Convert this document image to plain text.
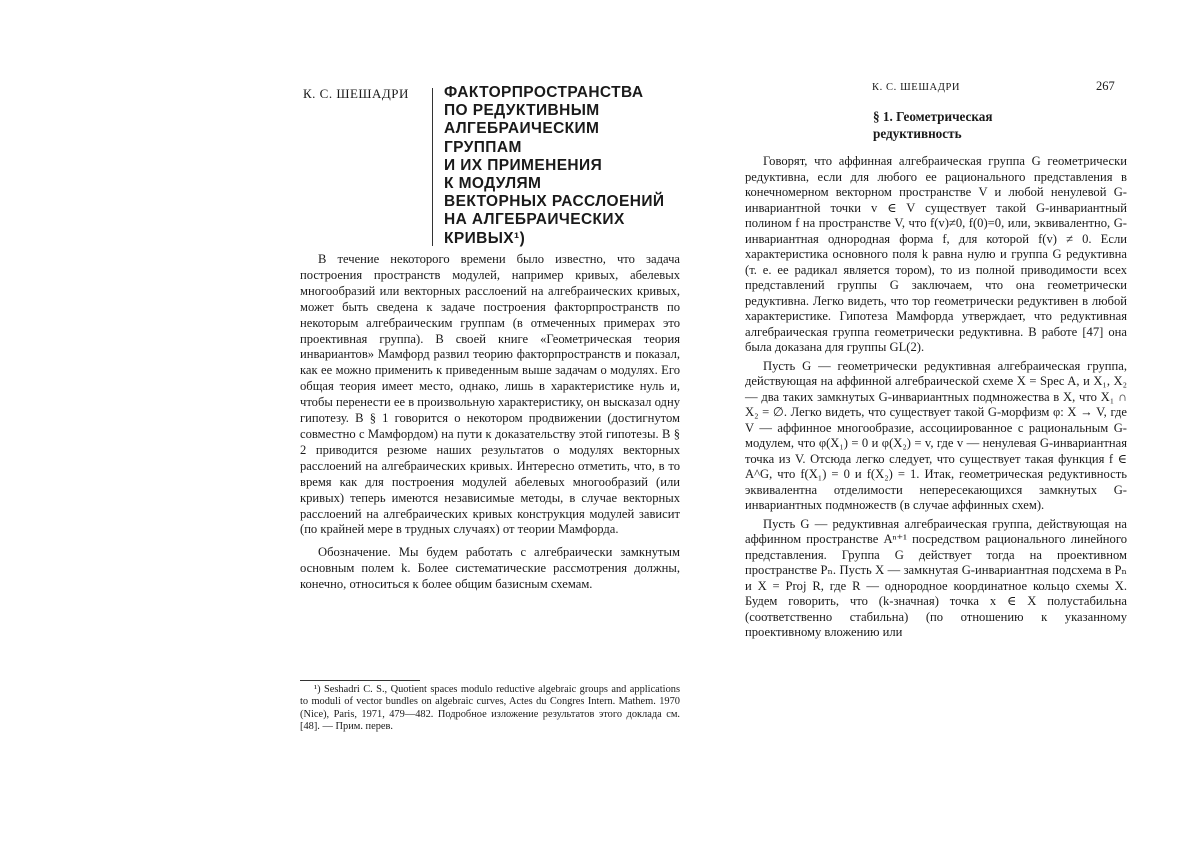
К. С. ШЕШАДРИ ФАКТОРПРОСТРАНСТВА
ПО РЕДУКТИВНЫМ
АЛГЕБРАИЧЕСКИМ
ГРУППАМ
И ИХ ПРИМЕНЕНИЯ
К МОДУЛЯМ
ВЕКТОРНЫХ РАССЛОЕНИЙ
НА АЛГЕБРАИЧЕСКИХ
КРИВЫХ¹)

В течение некоторого времени было известно, что задача построения пространств модулей, например кривых, абелевых многообразий или векторных расслоений на алгебраических кривых, может быть сведена к задаче построения факторпространств по некоторым алгебраическим группам (в отмеченных примерах это проективная группа). В своей книге «Геометрическая теория инвариантов» Мамфорд развил теорию факторпространств и показал, как ее можно применить к приведенным выше задачам о модулях. Его общая теория имеет место, однако, лишь в характеристике нуль и, чтобы перенести ее в произвольную характеристику, он высказал одну гипотезу. В § 1 говорится о некотором продвижении (достигнутом совместно с Мамфордом) на пути к доказательству этой гипотезы. В § 2 приводится резюме наших результатов о модулях векторных расслоений на алгебраических кривых. Интересно отметить, что, в то время как для построения модулей абелевых многообразий (или кривых) теперь имеются независимые методы, в случае векторных расслоений на алгебраических кривых конструкция модулей зависит (по крайней мере в трудных случаях) от теории Мамфорда.

Обозначение. Мы будем работать с алгебраически замкнутым основным полем k. Более систематические рассмотрения должны, конечно, относиться к более общим базисным схемам.

¹) Seshadri C. S., Quotient spaces modulo reductive algebraic groups and applications to moduli of vector bundles on algebraic curves, Actes du Congres Intern. Mathem. 1970 (Nice), Paris, 1971, 479—482. Подробное изложение результатов этого доклада см. [48]. — Прим. перев.
К. С. ШЕШАДРИ	267
§ 1. Геометрическая
редуктивность

Говорят, что аффинная алгебраическая группа G геометрически редуктивна, если для любого ее рационального представления в конечномерном векторном пространстве V и любой ненулевой G-инвариантной точки v ∈ V существует такой G-инвариантный полином f на пространстве V, что f(v)≠0, f(0)=0, или, эквивалентно, G-инвариантная однородная форма f, для которой f(v) ≠ 0. Если характеристика основного поля k равна нулю и группа G редуктивна (т. е. ее радикал является тором), то из полной приводимости всех представлений группы G заключаем, что она геометрически редуктивна. Легко видеть, что тор геометрически редуктивен в любой характеристике. Гипотеза Мамфорда утверждает, что редуктивная алгебраическая группа геометрически редуктивна. В работе [47] она была доказана для группы GL(2).

Пусть G — геометрически редуктивная алгебраическая группа, действующая на аффинной алгебраической схеме X = Spec A, и X₁, X₂ — два таких замкнутых G-инвариантных подмножества в X, что X₁ ∩ X₂ = ∅. Легко видеть, что существует такой G-морфизм φ: X → V, где V — аффинное многообразие, ассоциированное с рациональным G-модулем, что φ(X₁) = 0 и φ(X₂) = v, где v — ненулевая G-инвариантная точка из V. Отсюда легко следует, что существует такая функция f ∈ A^G, что f(X₁) = 0 и f(X₂) = 1. Итак, геометрическая редуктивность эквивалентна отделимости непересекающихся замкнутых G-инвариантных подмножеств (в случае аффинных схем).

Пусть G — редуктивная алгебраическая группа, действующая на аффинном пространстве Aⁿ⁺¹ посредством рационального линейного представления. Группа G действует тогда на проективном пространстве Pₙ. Пусть X — замкнутая G-инвариантная подсхема в Pₙ и X = Proj R, где R — однородное координатное кольцо схемы X. Будем говорить, что (k-значная) точка x ∈ X полустабильна (соответственно стабильна) (по отношению к указанному проективному вложению или
